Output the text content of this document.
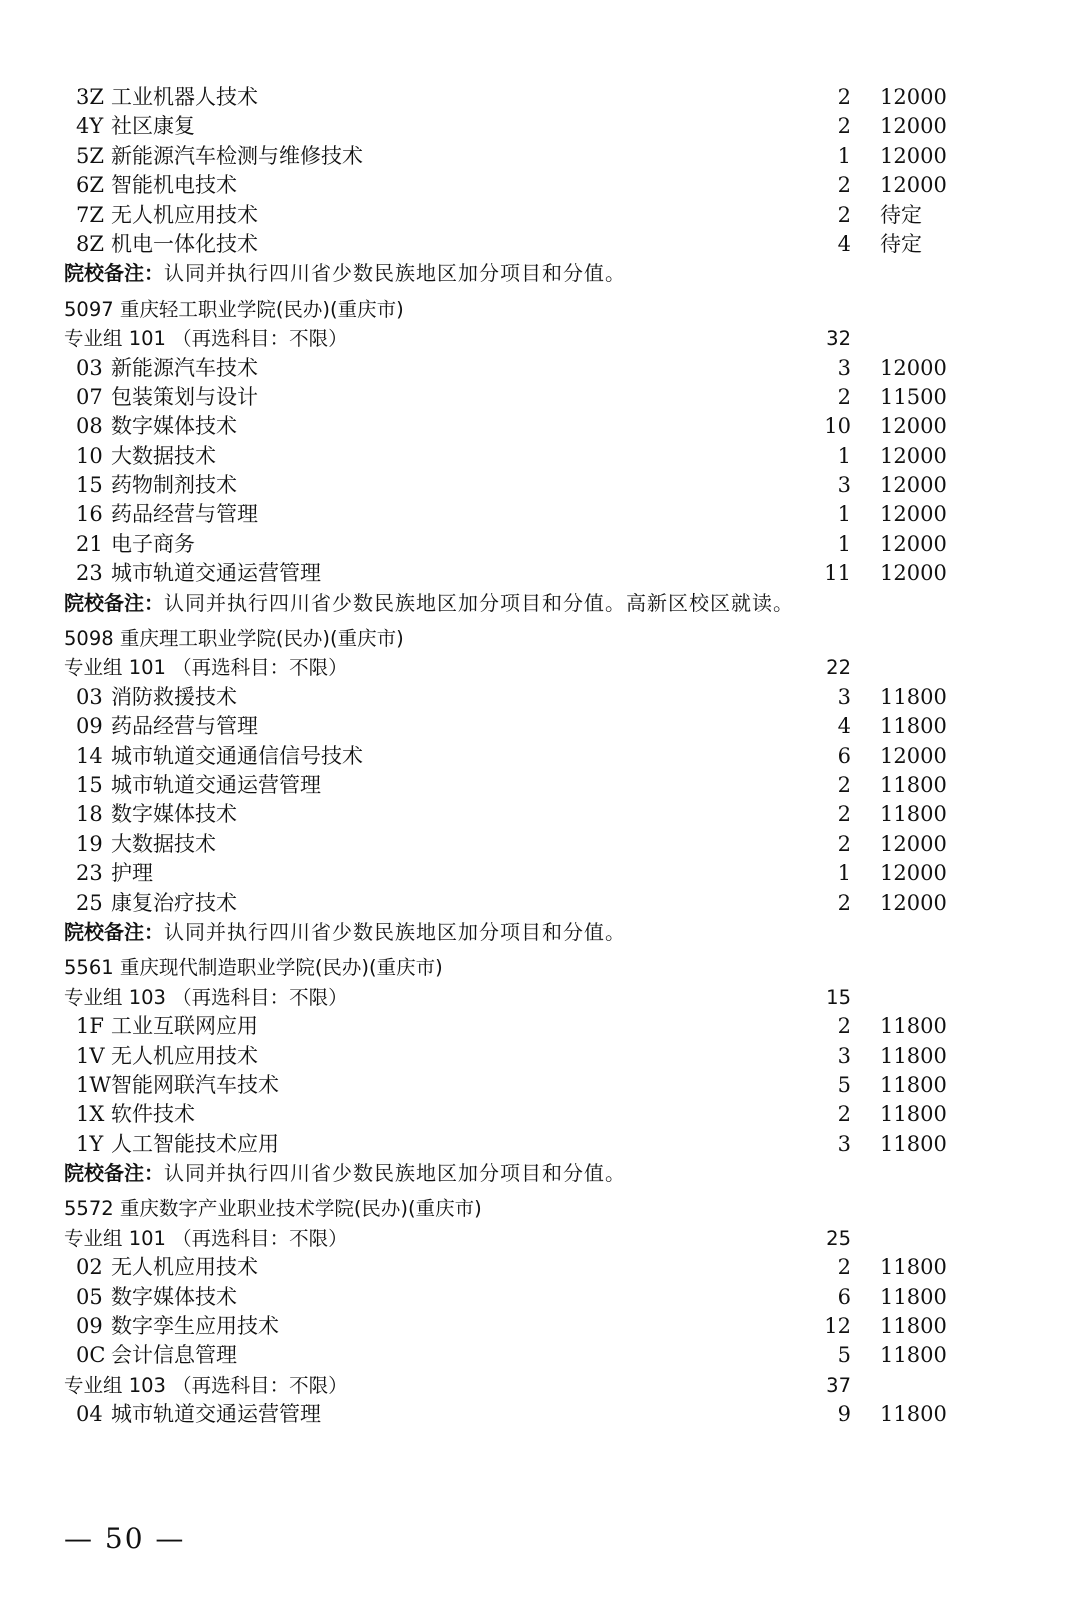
3Z 工业机器人技术	2 12000
4Y 社区康复	2 12000
5Z 新能源汽车检测与维修技术	1 12000
6Z 智能机电技术	2 12000
7Z 无人机应用技术	2 待定
8Z 机电一体化技术	4 待定
院校备注：认同并执行四川省少数民族地区加分项目和分值。
5097 重庆轻工职业学院(民办)(重庆市)
专业组 101 （再选科目：不限）	32
03 新能源汽车技术	3 12000
07 包装策划与设计	2 11500
08 数字媒体技术	10 12000
10 大数据技术	1 12000
15 药物制剂技术	3 12000
16 药品经营与管理	1 12000
21 电子商务	1 12000
23 城市轨道交通运营管理	11 12000
院校备注：认同并执行四川省少数民族地区加分项目和分值。高新区校区就读。
5098 重庆理工职业学院(民办)(重庆市)
专业组 101 （再选科目：不限）	22
03 消防救援技术	3 11800
09 药品经营与管理	4 11800
14 城市轨道交通通信信号技术	6 12000
15 城市轨道交通运营管理	2 11800
18 数字媒体技术	2 11800
19 大数据技术	2 12000
23 护理	1 12000
25 康复治疗技术	2 12000
院校备注：认同并执行四川省少数民族地区加分项目和分值。
5561 重庆现代制造职业学院(民办)(重庆市)
专业组 103 （再选科目：不限）	15
1F 工业互联网应用	2 11800
1V 无人机应用技术	3 11800
1W 智能网联汽车技术	5 11800
1X 软件技术	2 11800
1Y 人工智能技术应用	3 11800
院校备注：认同并执行四川省少数民族地区加分项目和分值。
5572 重庆数字产业职业技术学院(民办)(重庆市)
专业组 101 （再选科目：不限）	25
02 无人机应用技术	2 11800
05 数字媒体技术	6 11800
09 数字孪生应用技术	12 11800
0C 会计信息管理	5 11800
专业组 103 （再选科目：不限）	37
04 城市轨道交通运营管理	9 11800
— 50 —
